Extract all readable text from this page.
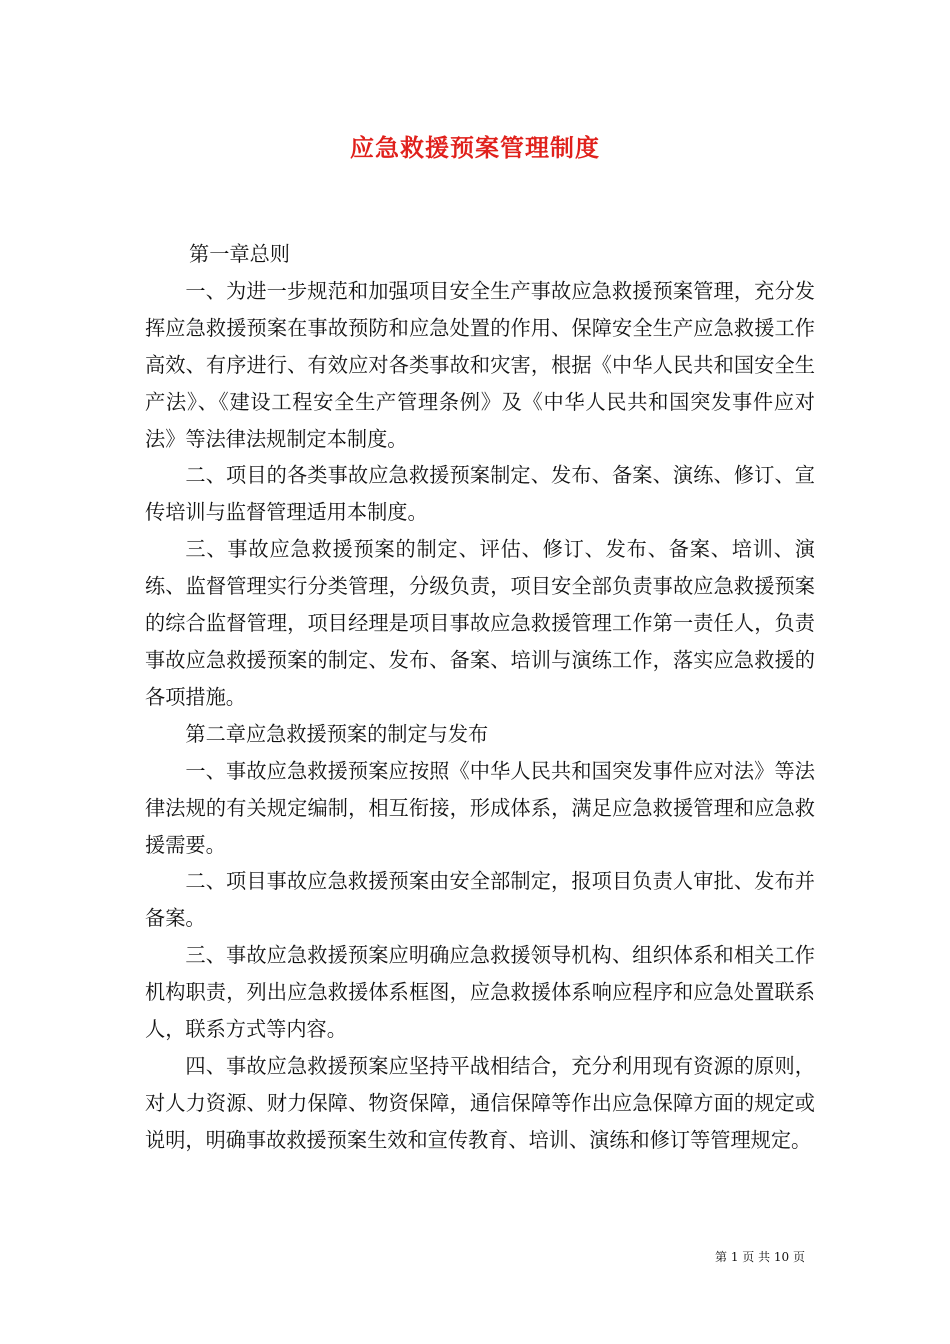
应急救援预案管理制度

第一章总则

一、为进一步规范和加强项目安全生产事故应急救援预案管理，充分发挥应急救援预案在事故预防和应急处置的作用、保障安全生产应急救援工作高效、有序进行、有效应对各类事故和灾害，根据《中华人民共和国安全生产法》、《建设工程安全生产管理条例》及《中华人民共和国突发事件应对法》等法律法规制定本制度。

二、项目的各类事故应急救援预案制定、发布、备案、演练、修订、宣传培训与监督管理适用本制度。

三、事故应急救援预案的制定、评估、修订、发布、备案、培训、演练、监督管理实行分类管理，分级负责，项目安全部负责事故应急救援预案的综合监督管理，项目经理是项目事故应急救援管理工作第一责任人，负责事故应急救援预案的制定、发布、备案、培训与演练工作，落实应急救援的各项措施。

第二章应急救援预案的制定与发布

一、事故应急救援预案应按照《中华人民共和国突发事件应对法》等法律法规的有关规定编制，相互衔接，形成体系，满足应急救援管理和应急救援需要。

二、项目事故应急救援预案由安全部制定，报项目负责人审批、发布并备案。

三、事故应急救援预案应明确应急救援领导机构、组织体系和相关工作机构职责，列出应急救援体系框图，应急救援体系响应程序和应急处置联系人，联系方式等内容。

四、事故应急救援预案应坚持平战相结合，充分利用现有资源的原则，对人力资源、财力保障、物资保障，通信保障等作出应急保障方面的规定或说明，明确事故救援预案生效和宣传教育、培训、演练和修订等管理规定。

第 1 页 共 10 页
